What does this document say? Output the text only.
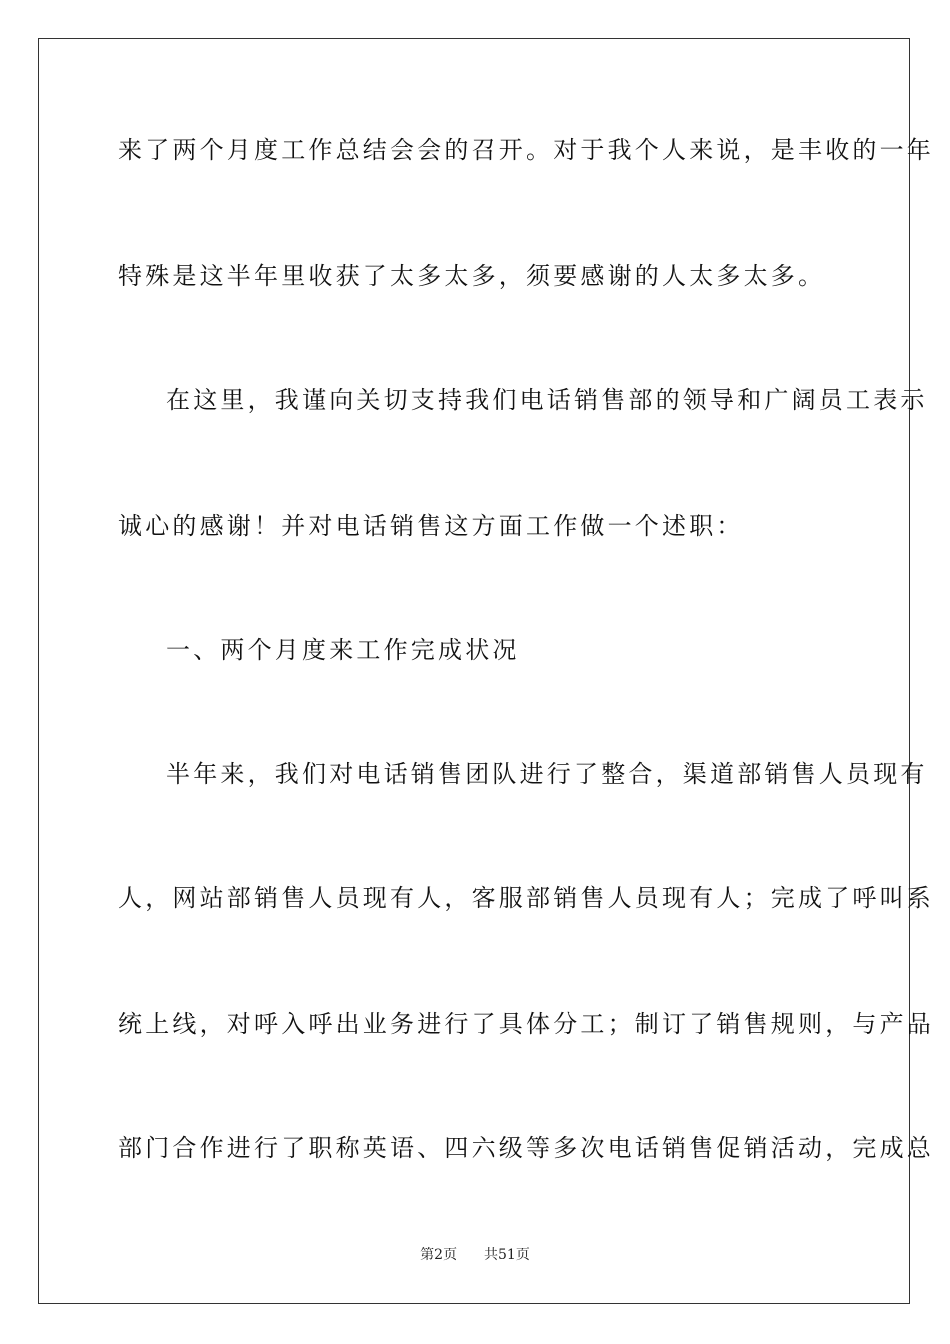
来了两个月度工作总结会会的召开。对于我个人来说，是丰收的一年
特殊是这半年里收获了太多太多，须要感谢的人太多太多。
在这里，我谨向关切支持我们电话销售部的领导和广阔员工表示
诚心的感谢！并对电话销售这方面工作做一个述职：
一、两个月度来工作完成状况
半年来，我们对电话销售团队进行了整合，渠道部销售人员现有
人，网站部销售人员现有人，客服部销售人员现有人；完成了呼叫系
统上线，对呼入呼出业务进行了具体分工；制订了销售规则，与产品
部门合作进行了职称英语、四六级等多次电话销售促销活动，完成总
第2页 共51页
